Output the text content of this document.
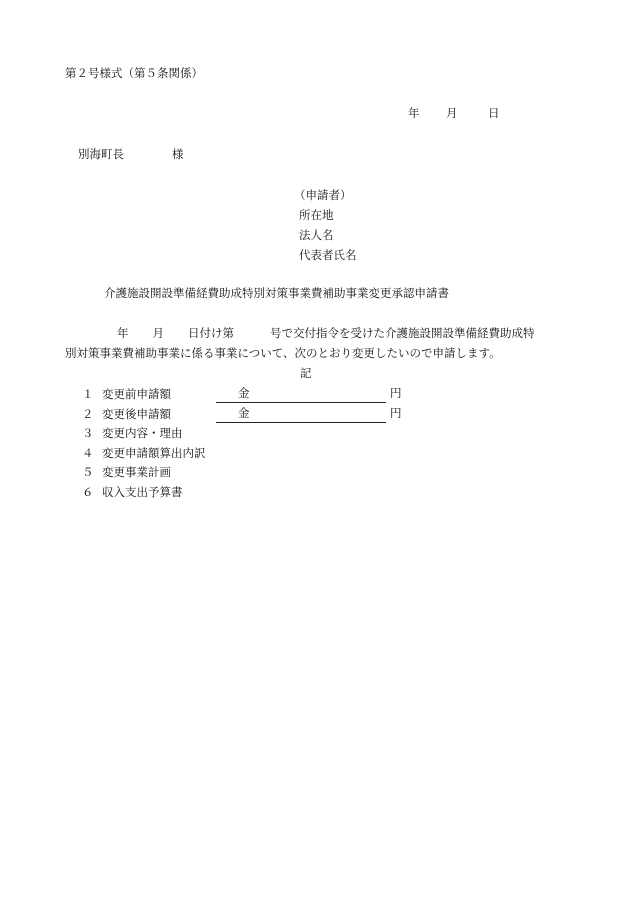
第２号様式（第５条関係）
年 月	日
別海町長	様
（申請者）
所在地
法人名
代表者氏名
介護施設開設準備経費助成特別対策事業費補助事業変更承認申請書
年 月 日付け第	号で交付指令を受けた介護施設開設準備経費助成特
別対策事業費補助事業に係る事業について、次のとおり変更したいので申請します。
記
１ 変更前申請額	金	円
２ 変更後申請額	金	円
３ 変更内容・理由
４ 変更申請額算出内訳
５ 変更事業計画
６ 収入支出予算書
